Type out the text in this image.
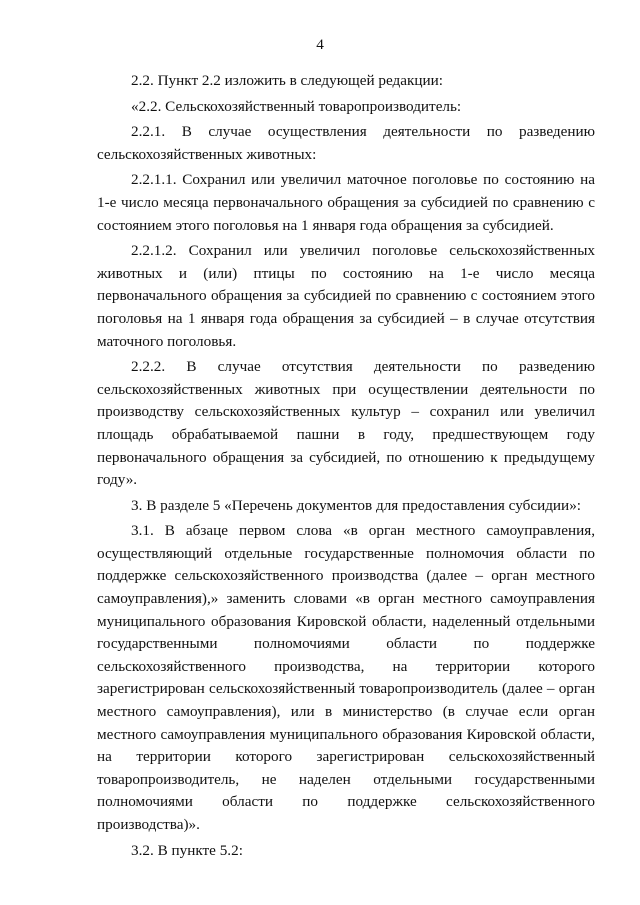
4

2.2. Пункт 2.2 изложить в следующей редакции:

«2.2. Сельскохозяйственный товаропроизводитель:

2.2.1. В случае осуществления деятельности по разведению сельскохозяйственных животных:

2.2.1.1. Сохранил или увеличил маточное поголовье по состоянию на 1-е число месяца первоначального обращения за субсидией по сравнению с состоянием этого поголовья на 1 января года обращения за субсидией.

2.2.1.2. Сохранил или увеличил поголовье сельскохозяйственных животных и (или) птицы по состоянию на 1-е число месяца первоначального обращения за субсидией по сравнению с состоянием этого поголовья на 1 января года обращения за субсидией – в случае отсутствия маточного поголовья.

2.2.2. В случае отсутствия деятельности по разведению сельскохозяйственных животных при осуществлении деятельности по производству сельскохозяйственных культур – сохранил или увеличил площадь обрабатываемой пашни в году, предшествующем году первоначального обращения за субсидией, по отношению к предыдущему году».

3. В разделе 5 «Перечень документов для предоставления субсидии»:

3.1. В абзаце первом слова «в орган местного самоуправления, осуществляющий отдельные государственные полномочия области по поддержке сельскохозяйственного производства (далее – орган местного самоуправления),» заменить словами «в орган местного самоуправления муниципального образования Кировской области, наделенный отдельными государственными полномочиями области по поддержке сельскохозяйственного производства, на территории которого зарегистрирован сельскохозяйственный товаропроизводитель (далее – орган местного самоуправления), или в министерство (в случае если орган местного самоуправления муниципального образования Кировской области, на территории которого зарегистрирован сельскохозяйственный товаропроизводитель, не наделен отдельными государственными полномочиями области по поддержке сельскохозяйственного производства)».

3.2. В пункте 5.2:
